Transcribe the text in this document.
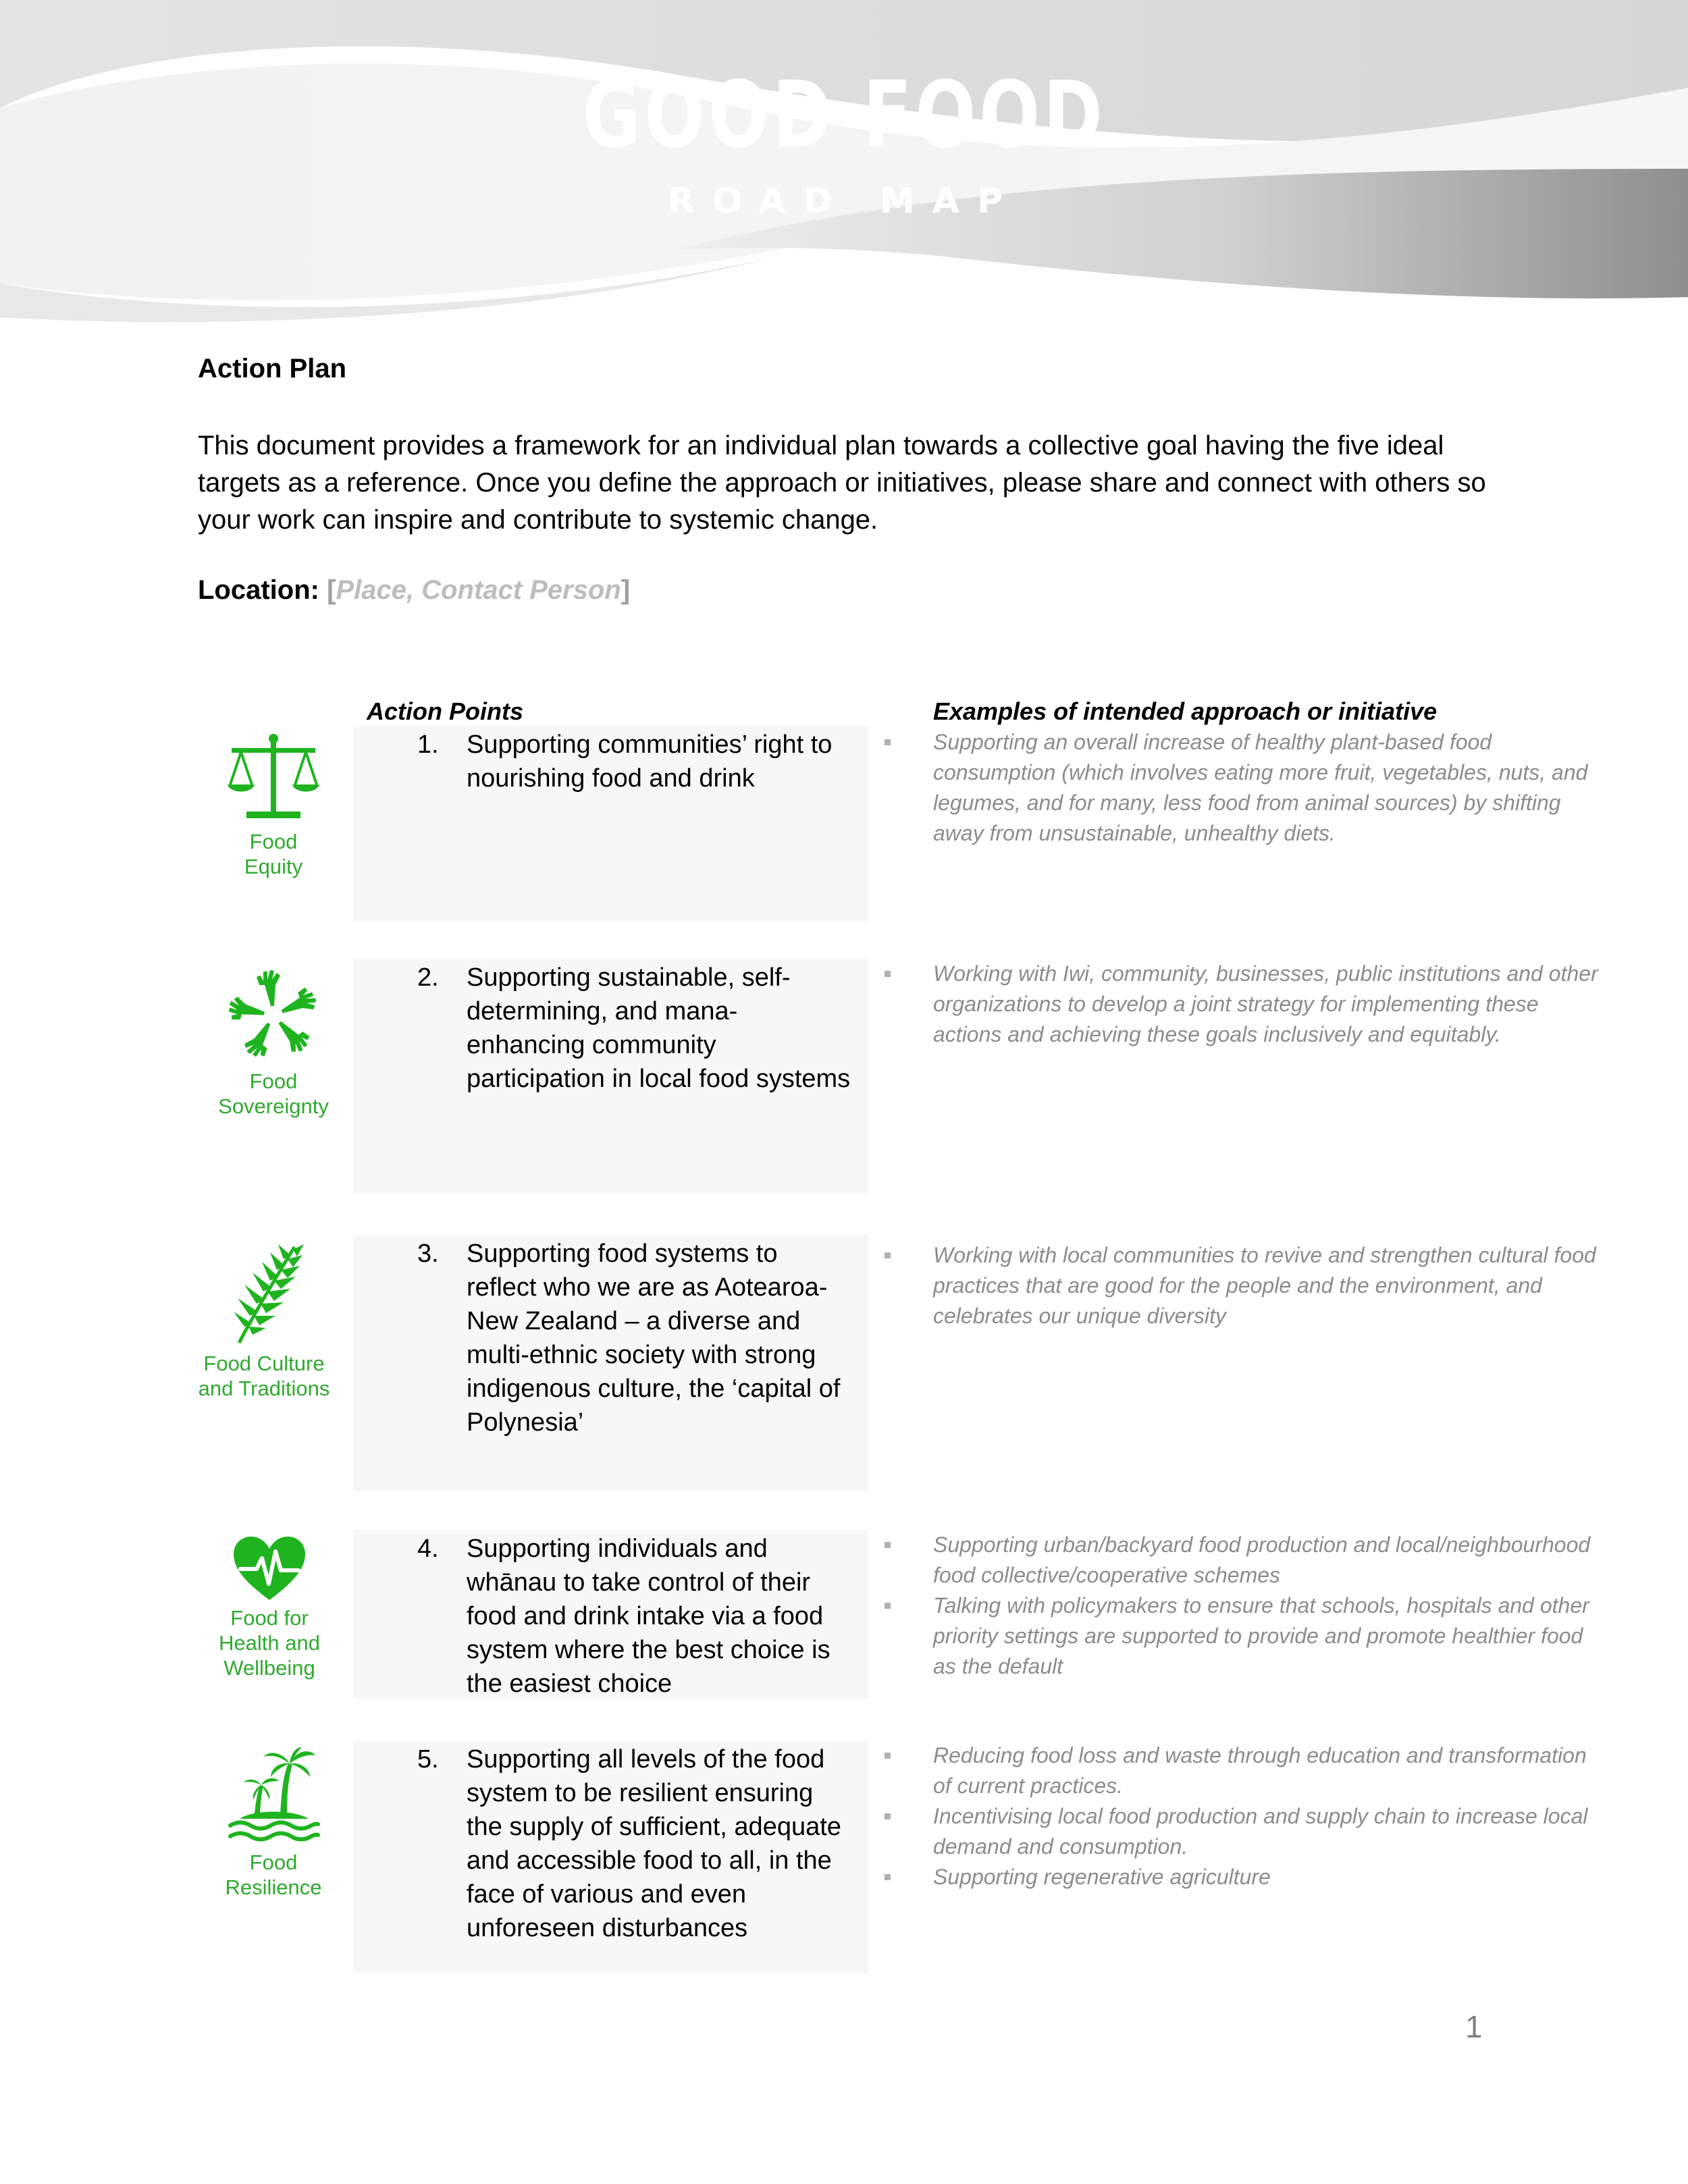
GOOD FOOD
ROAD MAP
Action Plan
This document provides a framework for an individual plan towards a collective goal having the five ideal targets as a reference. Once you define the approach or initiatives, please share and connect with others so your work can inspire and contribute to systemic change.
Location: [Place, Contact Person]
Action Points	Examples of intended approach or initiative
Food
Equity
1. Supporting communities’ right to nourishing food and drink
Supporting an overall increase of healthy plant-based food consumption (which involves eating more fruit, vegetables, nuts, and legumes, and for many, less food from animal sources) by shifting away from unsustainable, unhealthy diets.
Food
Sovereignty
2. Supporting sustainable, self-determining, and mana-enhancing community participation in local food systems
Working with Iwi, community, businesses, public institutions and other organizations to develop a joint strategy for implementing these actions and achieving these goals inclusively and equitably.
Food Culture
and Traditions
3. Supporting food systems to reflect who we are as Aotearoa-New Zealand – a diverse and multi-ethnic society with strong indigenous culture, the ‘capital of Polynesia’
Working with local communities to revive and strengthen cultural food practices that are good for the people and the environment, and celebrates our unique diversity
Food for
Health and
Wellbeing
4. Supporting individuals and whānau to take control of their food and drink intake via a food system where the best choice is the easiest choice
Supporting urban/backyard food production and local/neighbourhood food collective/cooperative schemes
Talking with policymakers to ensure that schools, hospitals and other priority settings are supported to provide and promote healthier food as the default
Food
Resilience
5. Supporting all levels of the food system to be resilient ensuring the supply of sufficient, adequate and accessible food to all, in the face of various and even unforeseen disturbances
Reducing food loss and waste through education and transformation of current practices.
Incentivising local food production and supply chain to increase local demand and consumption.
Supporting regenerative agriculture
1
